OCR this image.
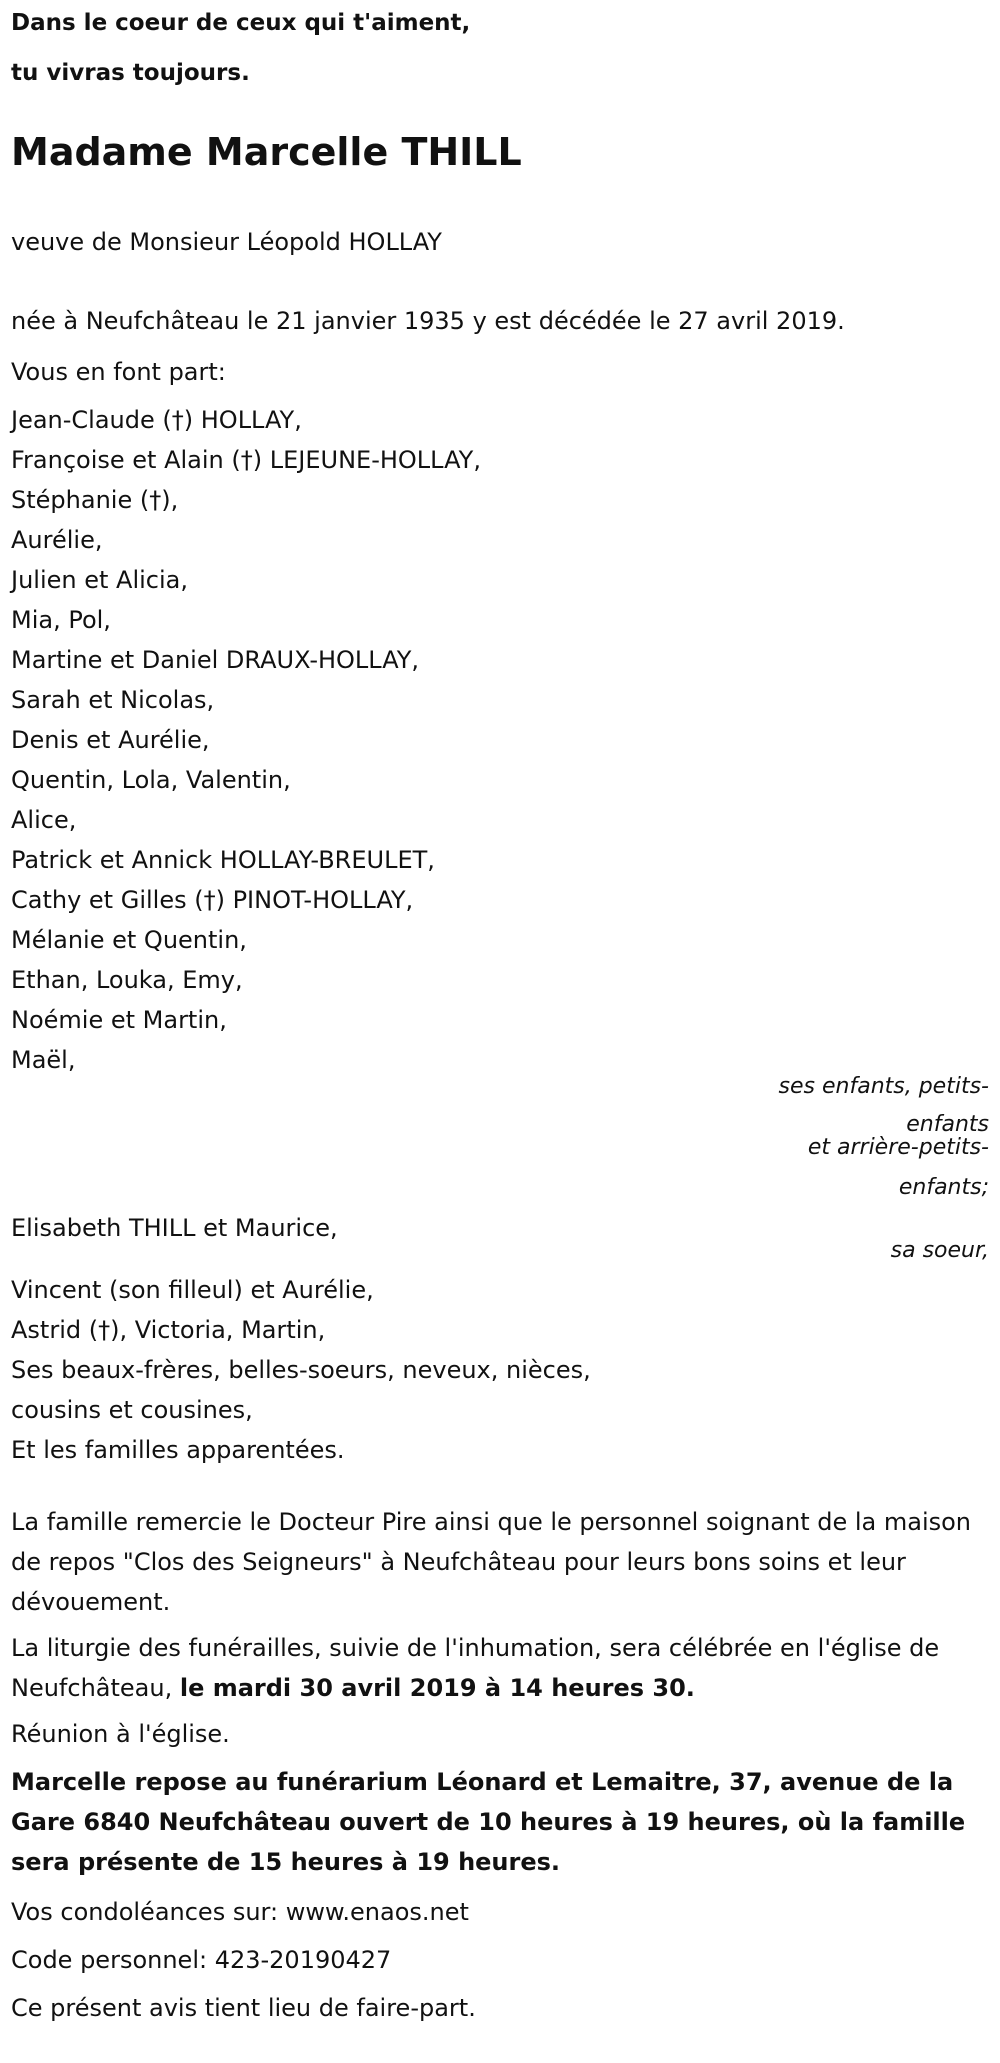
Dans le coeur de ceux qui t'aiment,
tu vivras toujours.
Madame Marcelle THILL
veuve de Monsieur Léopold HOLLAY
née à Neufchâteau le 21 janvier 1935 y est décédée le 27 avril 2019.
Vous en font part:
Jean-Claude (†) HOLLAY,
Françoise et Alain (†) LEJEUNE-HOLLAY,
Stéphanie (†),
Aurélie,
Julien et Alicia,
Mia, Pol,
Martine et Daniel DRAUX-HOLLAY,
Sarah et Nicolas,
Denis et Aurélie,
Quentin, Lola, Valentin,
Alice,
Patrick et Annick HOLLAY-BREULET,
Cathy et Gilles (†) PINOT-HOLLAY,
Mélanie et Quentin,
Ethan, Louka, Emy,
Noémie et Martin,
Maël,
ses enfants, petits-
enfants
et arrière-petits-
enfants;
Elisabeth THILL et Maurice,
sa soeur,
Vincent (son filleul) et Aurélie,
Astrid (†), Victoria, Martin,
Ses beaux-frères, belles-soeurs, neveux, nièces,
cousins et cousines,
Et les familles apparentées.
La famille remercie le Docteur Pire ainsi que le personnel soignant de la maison de repos "Clos des Seigneurs" à Neufchâteau pour leurs bons soins et leur dévouement.
La liturgie des funérailles, suivie de l'inhumation, sera célébrée en l'église de Neufchâteau, le mardi 30 avril 2019 à 14 heures 30.
Réunion à l'église.
Marcelle repose au funérarium Léonard et Lemaitre, 37, avenue de la Gare 6840 Neufchâteau ouvert de 10 heures à 19 heures, où la famille sera présente de 15 heures à 19 heures.
Vos condoléances sur: www.enaos.net
Code personnel: 423-20190427
Ce présent avis tient lieu de faire-part.
